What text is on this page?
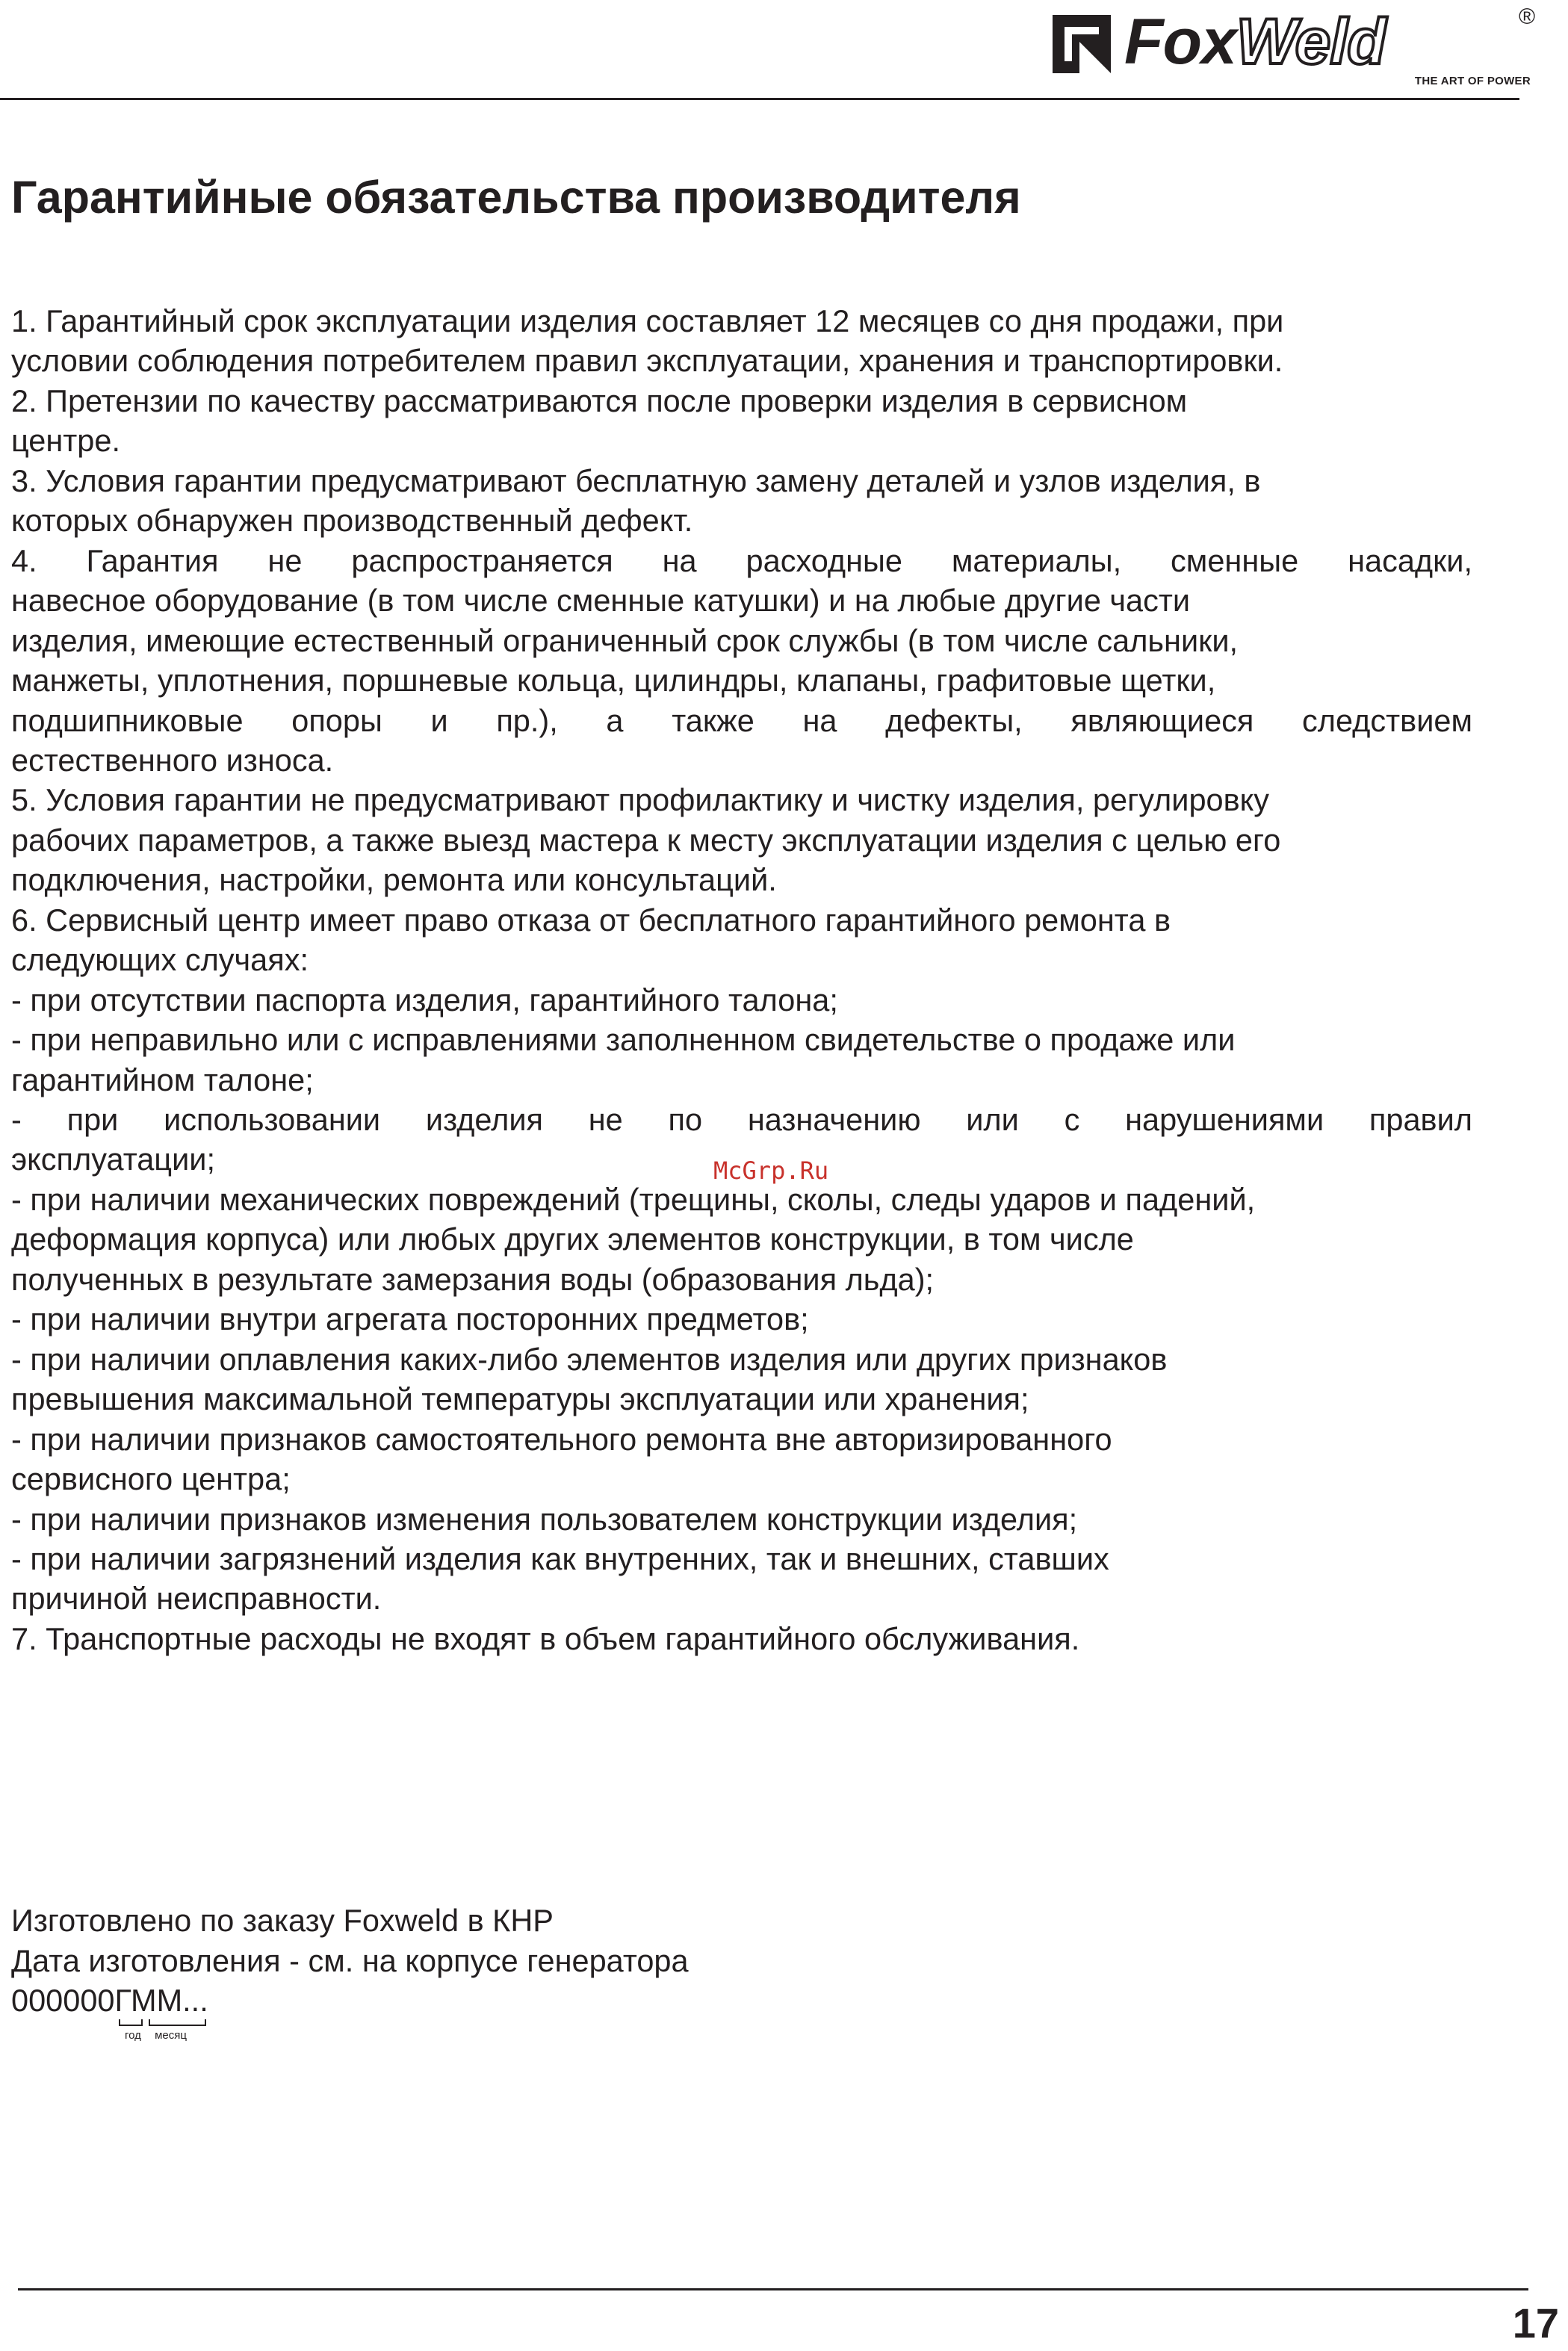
FoxWeld	®
THE ART OF POWER
Гарантийные обязательства производителя
1. Гарантийный срок эксплуатации изделия составляет 12 месяцев со дня продажи, при
условии соблюдения потребителем правил эксплуатации, хранения и транспортировки.
2. Претензии по качеству рассматриваются после проверки изделия в сервисном
центре.
3. Условия гарантии предусматривают бесплатную замену деталей и узлов изделия, в
которых обнаружен производственный дефект.
4. Гарантия не распространяется на расходные материалы, сменные насадки,
навесное оборудование (в том числе сменные катушки) и на любые другие части
изделия, имеющие естественный ограниченный срок службы (в том числе сальники,
манжеты, уплотнения, поршневые кольца, цилиндры, клапаны, графитовые щетки,
подшипниковые опоры и пр.), а также на дефекты, являющиеся следствием
естественного износа.
5. Условия гарантии не предусматривают профилактику и чистку изделия, регулировку
рабочих параметров, а также выезд мастера к месту эксплуатации изделия с целью его
подключения, настройки, ремонта или консультаций.
6. Сервисный центр имеет право отказа от бесплатного гарантийного ремонта в
следующих случаях:
- при отсутствии паспорта изделия, гарантийного талона;
- при неправильно или с исправлениями заполненном свидетельстве о продаже или
гарантийном талоне;
- при использовании изделия не по назначению или с нарушениями правил
эксплуатации;
- при наличии механических повреждений (трещины, сколы, следы ударов и падений,
деформация корпуса) или любых других элементов конструкции, в том числе
полученных в результате замерзания воды (образования льда);
- при наличии внутри агрегата посторонних предметов;
- при наличии оплавления каких-либо элементов изделия или других признаков
превышения максимальной температуры эксплуатации или хранения;
- при наличии признаков самостоятельного ремонта вне авторизированного
сервисного центра;
- при наличии признаков изменения пользователем конструкции изделия;
- при наличии загрязнений изделия как внутренних, так и внешних, ставших
причиной неисправности.
7. Транспортные расходы не входят в объем гарантийного обслуживания.
McGrp.Ru
Изготовлено по заказу Foxweld в КНР
Дата изготовления - см. на корпусе генератора
000000ГММ...
год месяц
17
